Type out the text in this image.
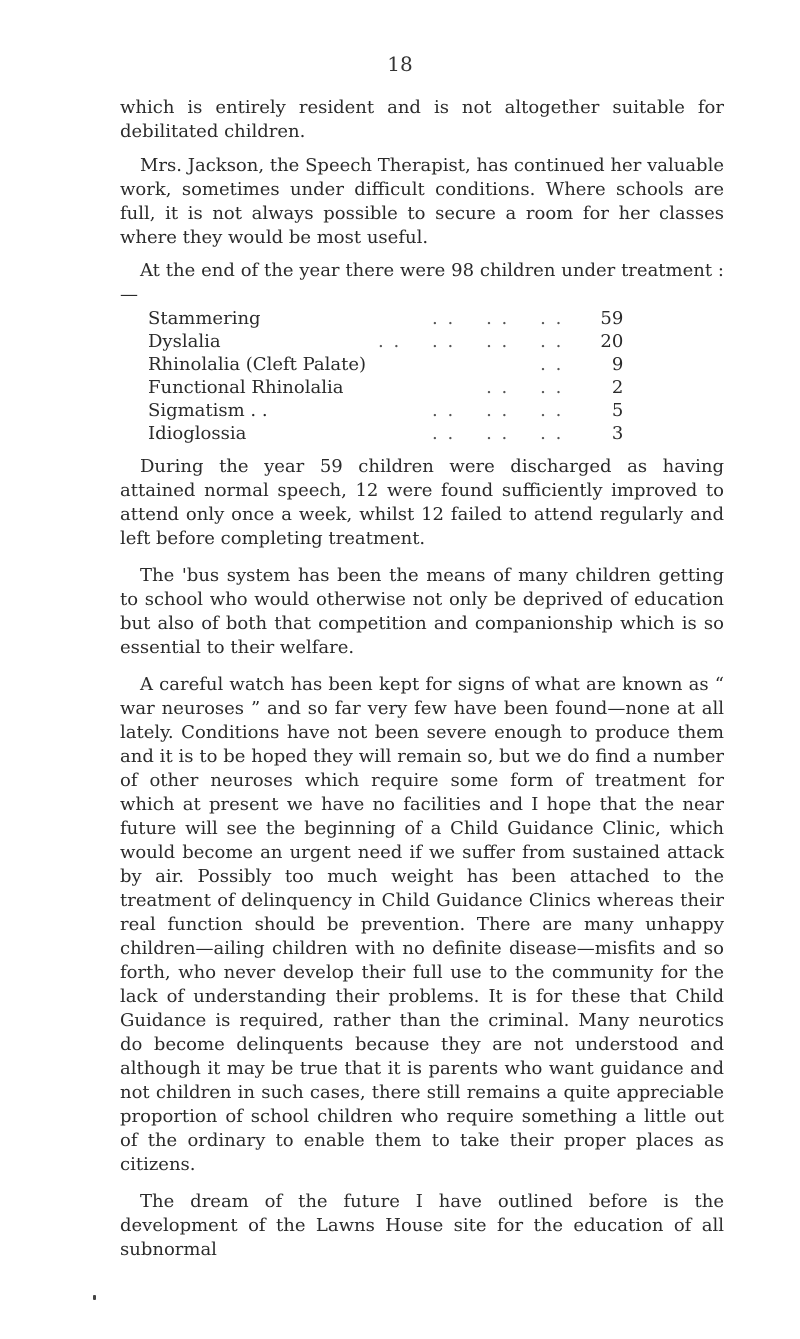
18

which is entirely resident and is not altogether suitable for debilitated children.

Mrs. Jackson, the Speech Therapist, has continued her valuable work, sometimes under difficult conditions. Where schools are full, it is not always possible to secure a room for her classes where they would be most useful.

At the end of the year there were 98 children under treatment :—

Stammering	. .    . .    . .	59
Dyslalia	. .    . .    . .    . .	20
Rhinolalia (Cleft Palate)	. .	9
Functional Rhinolalia	. .    . .	2
Sigmatism . .	. .    . .    . .	5
Idioglossia	. .    . .    . .	3

During the year 59 children were discharged as having attained normal speech, 12 were found sufficiently improved to attend only once a week, whilst 12 failed to attend regularly and left before completing treatment.

The 'bus system has been the means of many children getting to school who would otherwise not only be deprived of education but also of both that competition and companionship which is so essential to their welfare.

A careful watch has been kept for signs of what are known as “ war neuroses ” and so far very few have been found—none at all lately. Conditions have not been severe enough to produce them and it is to be hoped they will remain so, but we do find a number of other neuroses which require some form of treatment for which at present we have no facilities and I hope that the near future will see the beginning of a Child Guidance Clinic, which would become an urgent need if we suffer from sustained attack by air. Possibly too much weight has been attached to the treatment of delinquency in Child Guidance Clinics whereas their real function should be prevention. There are many unhappy children—ailing children with no definite disease—misfits and so forth, who never develop their full use to the community for the lack of understanding their problems. It is for these that Child Guidance is required, rather than the criminal. Many neurotics do become delinquents because they are not understood and although it may be true that it is parents who want guidance and not children in such cases, there still remains a quite appreciable proportion of school children who require something a little out of the ordinary to enable them to take their proper places as citizens.

The dream of the future I have outlined before is the development of the Lawns House site for the education of all subnormal
